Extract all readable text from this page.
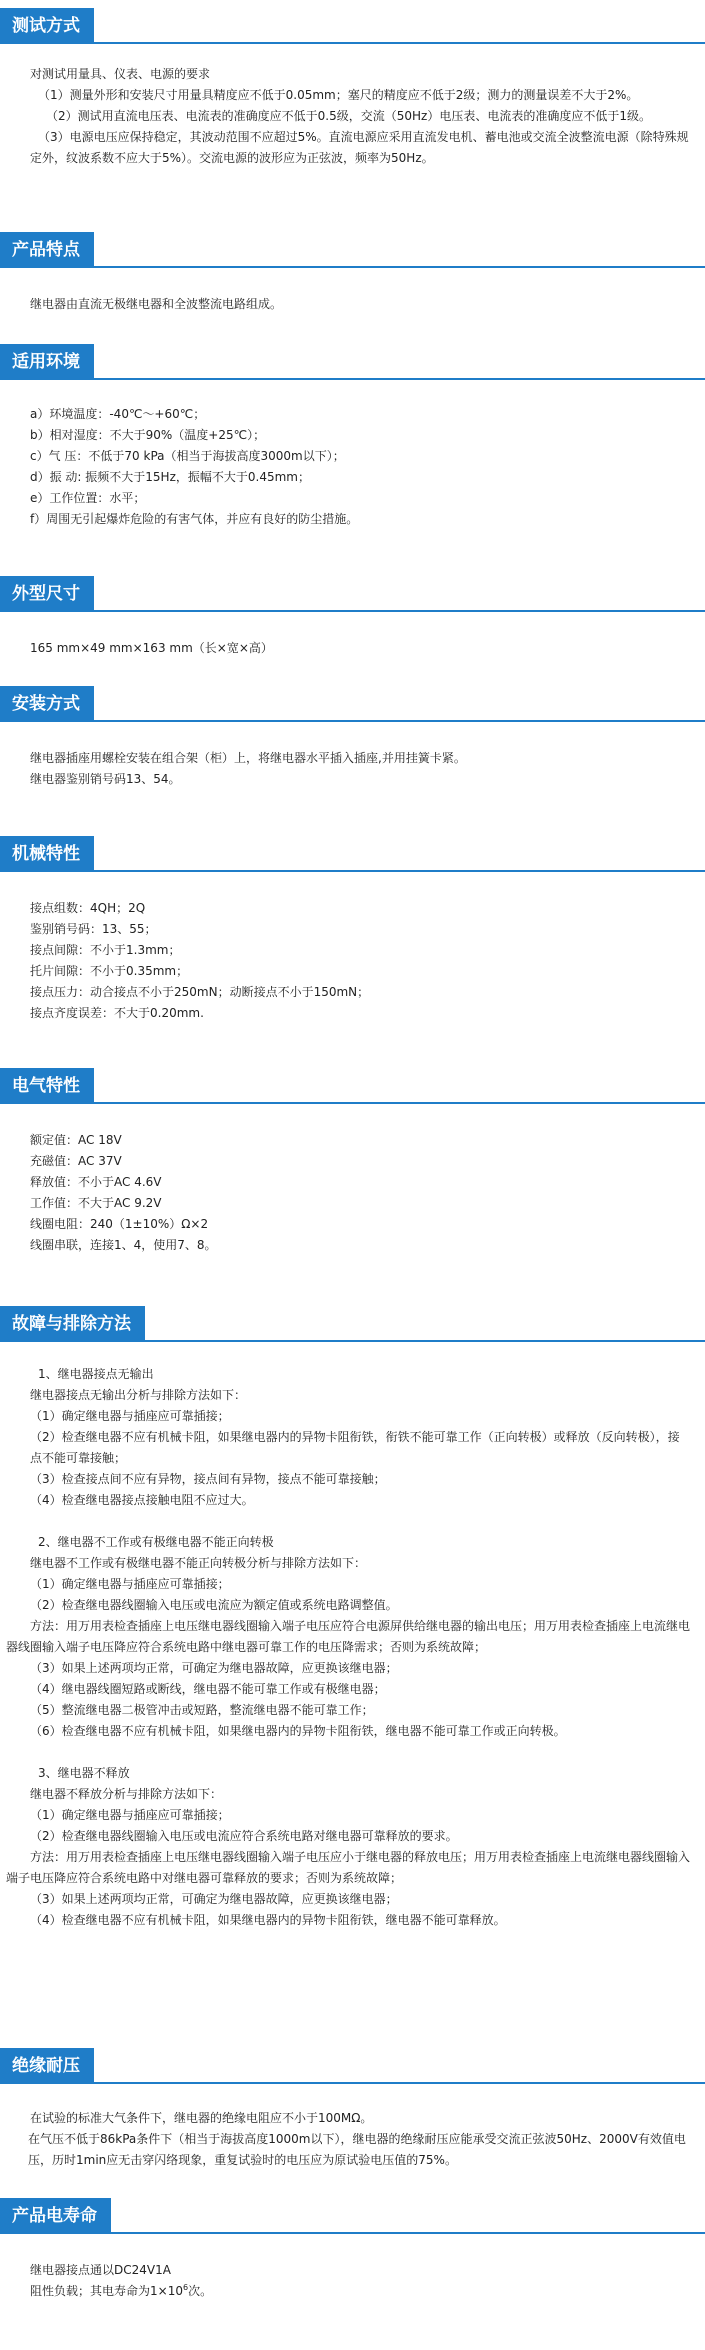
测试方式
对测试用量具、仪表、电源的要求
（1）测量外形和安装尺寸用量具精度应不低于0.05mm；塞尺的精度应不低于2级；测力的测量误差不大于2%。
（2）测试用直流电压表、电流表的准确度应不低于0.5级，交流（50Hz）电压表、电流表的准确度应不低于1级。
（3）电源电压应保持稳定，其波动范围不应超过5%。直流电源应采用直流发电机、蓄电池或交流全波整流电源（除特殊规定外，纹波系数不应大于5%）。交流电源的波形应为正弦波，频率为50Hz。
产品特点
继电器由直流无极继电器和全波整流电路组成。
适用环境
a）环境温度：-40℃～+60℃；
b）相对湿度：不大于90%（温度+25℃）；
c）气 压：不低于70 kPa（相当于海拔高度3000m以下）；
d）振 动: 振频不大于15Hz，振幅不大于0.45mm；
e）工作位置：水平；
f）周围无引起爆炸危险的有害气体，并应有良好的防尘措施。
外型尺寸
165 mm×49 mm×163 mm（长×宽×高）
安装方式
继电器插座用螺栓安装在组合架（柜）上，将继电器水平插入插座,并用挂簧卡紧。
继电器鉴别销号码13、54。
机械特性
接点组数：4QH；2Q
鉴别销号码：13、55；
接点间隙：不小于1.3mm；
托片间隙：不小于0.35mm；
接点压力：动合接点不小于250mN；动断接点不小于150mN；
接点齐度误差：不大于0.20mm.
电气特性
额定值：AC 18V
充磁值：AC 37V
释放值：不小于AC 4.6V
工作值：不大于AC 9.2V
线圈电阻：240（1±10%）Ω×2
线圈串联，连接1、4，使用7、8。
故障与排除方法
1、继电器接点无输出
继电器接点无输出分析与排除方法如下：
（1）确定继电器与插座应可靠插接；
（2）检查继电器不应有机械卡阻，如果继电器内的异物卡阻衔铁，衔铁不能可靠工作（正向转极）或释放（反向转极），接点不能可靠接触；
（3）检查接点间不应有异物，接点间有异物，接点不能可靠接触；
（4）检查继电器接点接触电阻不应过大。
2、继电器不工作或有极继电器不能正向转极
继电器不工作或有极继电器不能正向转极分析与排除方法如下：
（1）确定继电器与插座应可靠插接；
（2）检查继电器线圈输入电压或电流应为额定值或系统电路调整值。
方法：用万用表检查插座上电压继电器线圈输入端子电压应符合电源屏供给继电器的输出电压；用万用表检查插座上电流继电器线圈输入端子电压降应符合系统电路中继电器可靠工作的电压降需求；否则为系统故障；
（3）如果上述两项均正常，可确定为继电器故障，应更换该继电器；
（4）继电器线圈短路或断线，继电器不能可靠工作或有极继电器；
（5）整流继电器二极管冲击或短路，整流继电器不能可靠工作；
（6）检查继电器不应有机械卡阻，如果继电器内的异物卡阻衔铁，继电器不能可靠工作或正向转极。
3、继电器不释放
继电器不释放分析与排除方法如下：
（1）确定继电器与插座应可靠插接；
（2）检查继电器线圈输入电压或电流应符合系统电路对继电器可靠释放的要求。
方法：用万用表检查插座上电压继电器线圈输入端子电压应小于继电器的释放电压；用万用表检查插座上电流继电器线圈输入端子电压降应符合系统电路中对继电器可靠释放的要求；否则为系统故障；
（3）如果上述两项均正常，可确定为继电器故障，应更换该继电器；
（4）检查继电器不应有机械卡阻，如果继电器内的异物卡阻衔铁，继电器不能可靠释放。
绝缘耐压
在试验的标准大气条件下，继电器的绝缘电阻应不小于100MΩ。
在气压不低于86kPa条件下（相当于海拔高度1000m以下），继电器的绝缘耐压应能承受交流正弦波50Hz、2000V有效值电压，历时1min应无击穿闪络现象，重复试验时的电压应为原试验电压值的75%。
产品电寿命
继电器接点通以DC24V1A
阻性负载；其电寿命为$1\times 10^6$次。
